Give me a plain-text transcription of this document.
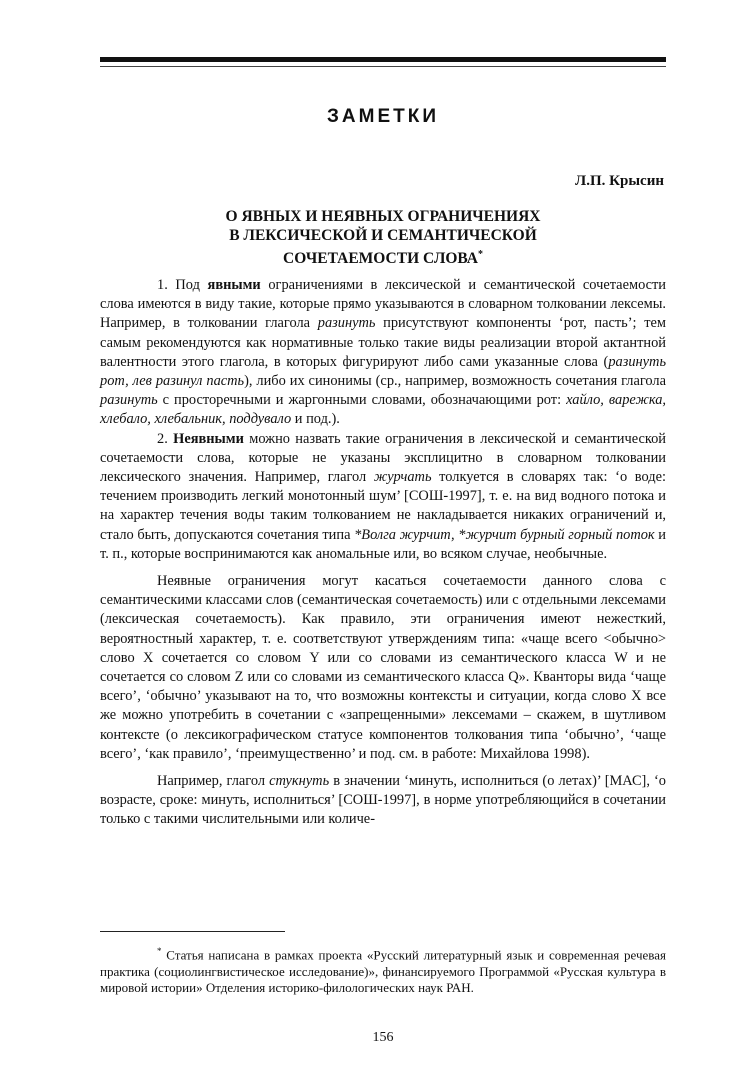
ЗАМЕТКИ
Л.П. Крысин
О ЯВНЫХ И НЕЯВНЫХ ОГРАНИЧЕНИЯХ
В ЛЕКСИЧЕСКОЙ И СЕМАНТИЧЕСКОЙ
СОЧЕТАЕМОСТИ СЛОВА*

1. Под явными ограничениями в лексической и семантической сочетаемости слова имеются в виду такие, которые прямо указываются в словарном толковании лексемы. Например, в толковании глагола разинуть присутствуют компоненты ‘рот, пасть’; тем самым рекомендуются как нормативные только такие виды реализации второй актантной валентности этого глагола, в которых фигурируют либо сами указанные слова (разинуть рот, лев разинул пасть), либо их синонимы (ср., например, возможность сочетания глагола разинуть с просторечными и жаргонными словами, обозначающими рот: хайло, варежка, хлебало, хлебальник, поддувало и под.).

2. Неявными можно назвать такие ограничения в лексической и семантической сочетаемости слова, которые не указаны эксплицитно в словарном толковании лексического значения. Например, глагол журчать толкуется в словарях так: ‘о воде: течением производить легкий монотонный шум’ [СОШ-1997], т. е. на вид водного потока и на характер течения воды таким толкованием не накладывается никаких ограничений и, стало быть, допускаются сочетания типа *Волга журчит, *журчит бурный горный поток и т. п., которые воспринимаются как аномальные или, во всяком случае, необычные.

Неявные ограничения могут касаться сочетаемости данного слова с семантическими классами слов (семантическая сочетаемость) или с отдельными лексемами (лексическая сочетаемость). Как правило, эти ограничения имеют нежесткий, вероятностный характер, т. е. соответствуют утверждениям типа: «чаще всего <обычно> слово X сочетается со словом Y или со словами из семантического класса W и не сочетается со словом Z или со словами из семантического класса Q». Кванторы вида ‘чаще всего’, ‘обычно’ указывают на то, что возможны контексты и ситуации, когда слово X все же можно употребить в сочетании с «запрещенными» лексемами – скажем, в шутливом контексте (о лексикографическом статусе компонентов толкования типа ‘обычно’, ‘чаще всего’, ‘как правило’, ‘преимущественно’ и под. см. в работе: Михайлова 1998).

Например, глагол стукнуть в значении ‘минуть, исполниться (о летах)’ [МАС], ‘о возрасте, сроке: минуть, исполниться’ [СОШ-1997], в норме употребляющийся в сочетании только с такими числительными или количе-

* Статья написана в рамках проекта «Русский литературный язык и современная речевая практика (социолингвистическое исследование)», финансируемого Программой «Русская культура в мировой истории» Отделения историко-филологических наук РАН.

156
